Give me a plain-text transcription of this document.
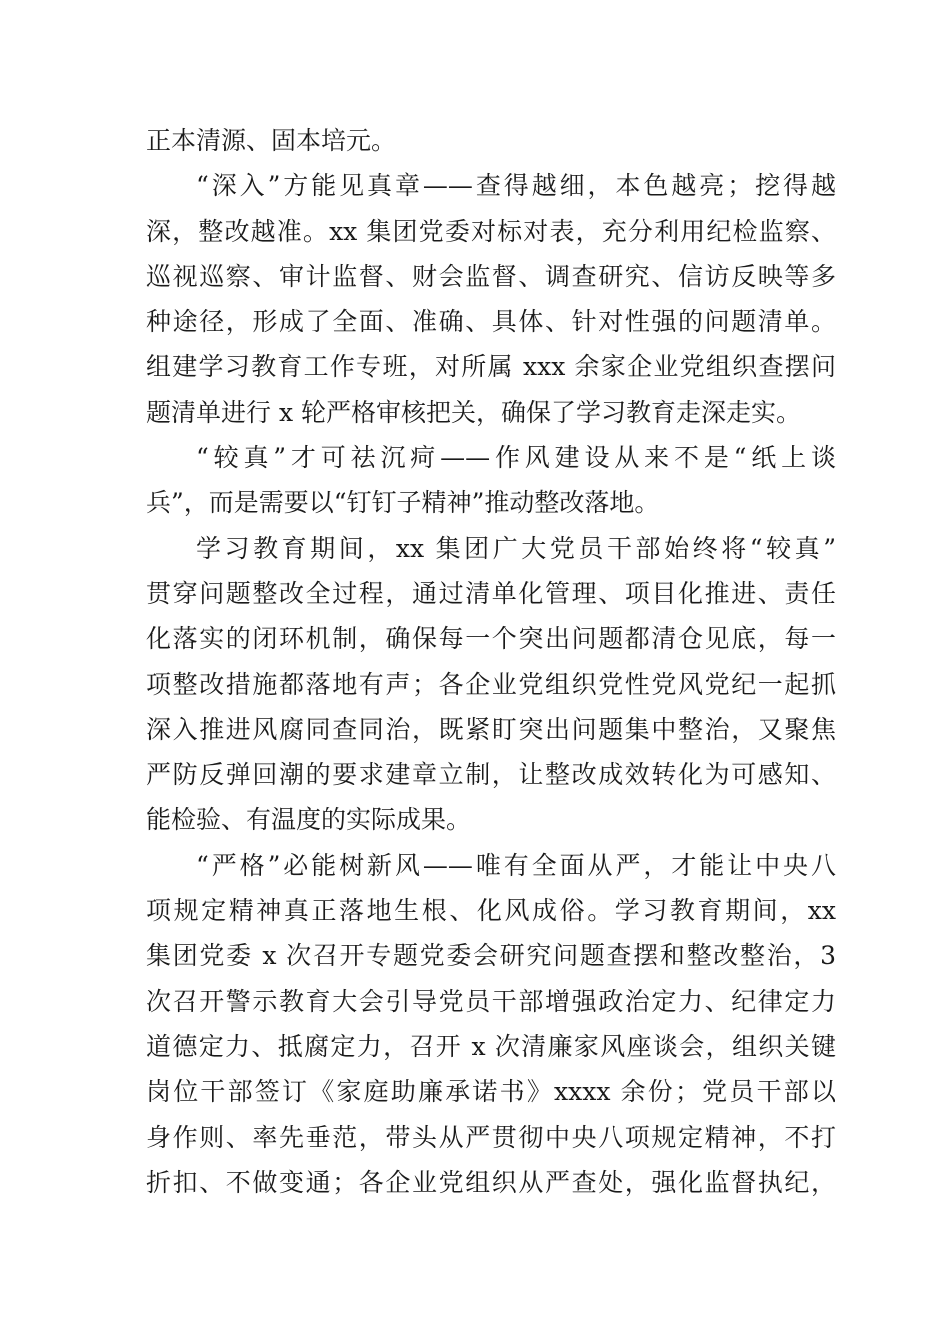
正本清源、固本培元。
“深入”方能见真章——查得越细，本色越亮；挖得越
深，整改越准。xx 集团党委对标对表，充分利用纪检监察、
巡视巡察、审计监督、财会监督、调查研究、信访反映等多
种途径，形成了全面、准确、具体、针对性强的问题清单。
组建学习教育工作专班，对所属 xxx 余家企业党组织查摆问
题清单进行 x 轮严格审核把关，确保了学习教育走深走实。
“较真”才可祛沉疴——作风建设从来不是“纸上谈
兵”，而是需要以“钉钉子精神”推动整改落地。
学习教育期间，xx 集团广大党员干部始终将“较真”
贯穿问题整改全过程，通过清单化管理、项目化推进、责任
化落实的闭环机制，确保每一个突出问题都清仓见底，每一
项整改措施都落地有声；各企业党组织党性党风党纪一起抓
深入推进风腐同查同治，既紧盯突出问题集中整治，又聚焦
严防反弹回潮的要求建章立制，让整改成效转化为可感知、
能检验、有温度的实际成果。
“严格”必能树新风——唯有全面从严，才能让中央八
项规定精神真正落地生根、化风成俗。学习教育期间，xx
集团党委 x 次召开专题党委会研究问题查摆和整改整治，3
次召开警示教育大会引导党员干部增强政治定力、纪律定力
道德定力、抵腐定力，召开 x 次清廉家风座谈会，组织关键
岗位干部签订《家庭助廉承诺书》xxxx 余份；党员干部以
身作则、率先垂范，带头从严贯彻中央八项规定精神，不打
折扣、不做变通；各企业党组织从严查处，强化监督执纪，
